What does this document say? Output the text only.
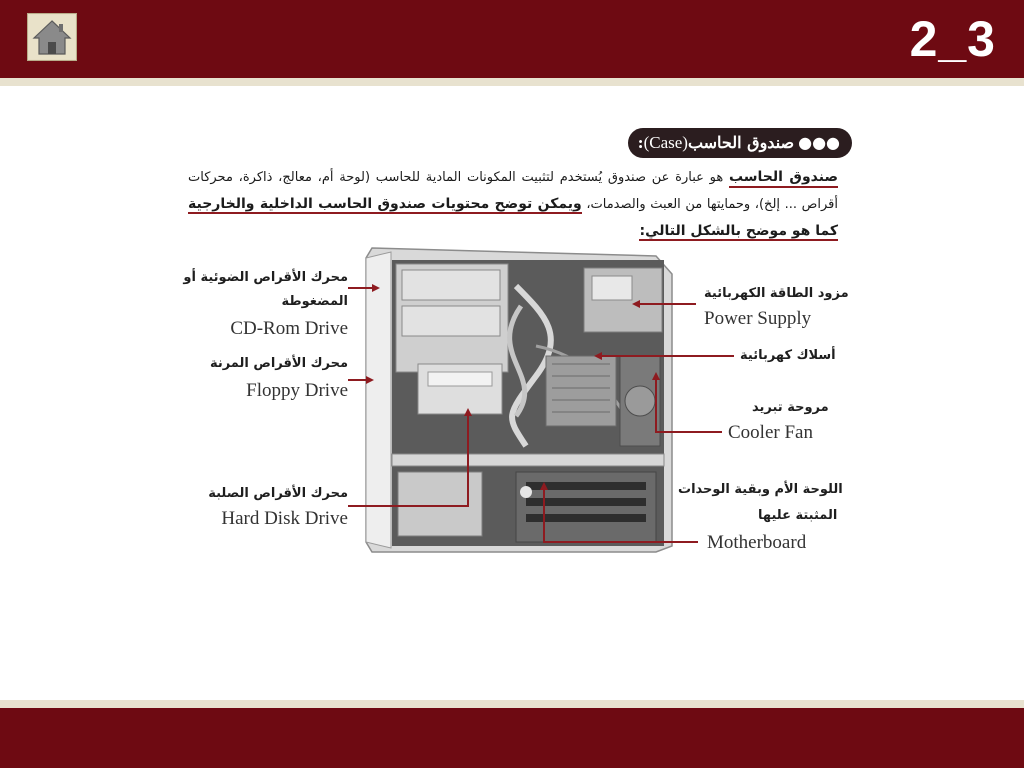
2_3
●●●صندوق الحاسب(Case):
صندوق الحاسب هو عبارة عن صندوق يُستخدم لتثبيت المكونات المادية للحاسب (لوحة أم، معالج، ذاكرة، محركات أقراص ... إلخ)، وحمايتها من العبث والصدمات، ويمكن توضح محتويات صندوق الحاسب الداخلية والخارجية كما هو موضح بالشكل التالي:
محرك الأقراص الضوئية أو
المضغوطة
CD-Rom Drive
محرك الأقراص المرنة
Floppy Drive
محرك الأقراص الصلبة
Hard Disk Drive
مزود الطاقة الكهربائية
Power Supply
أسلاك كهربائية
مروحة تبريد
Cooler Fan
اللوحة الأم وبقية الوحدات
المثبتة عليها
Motherboard
